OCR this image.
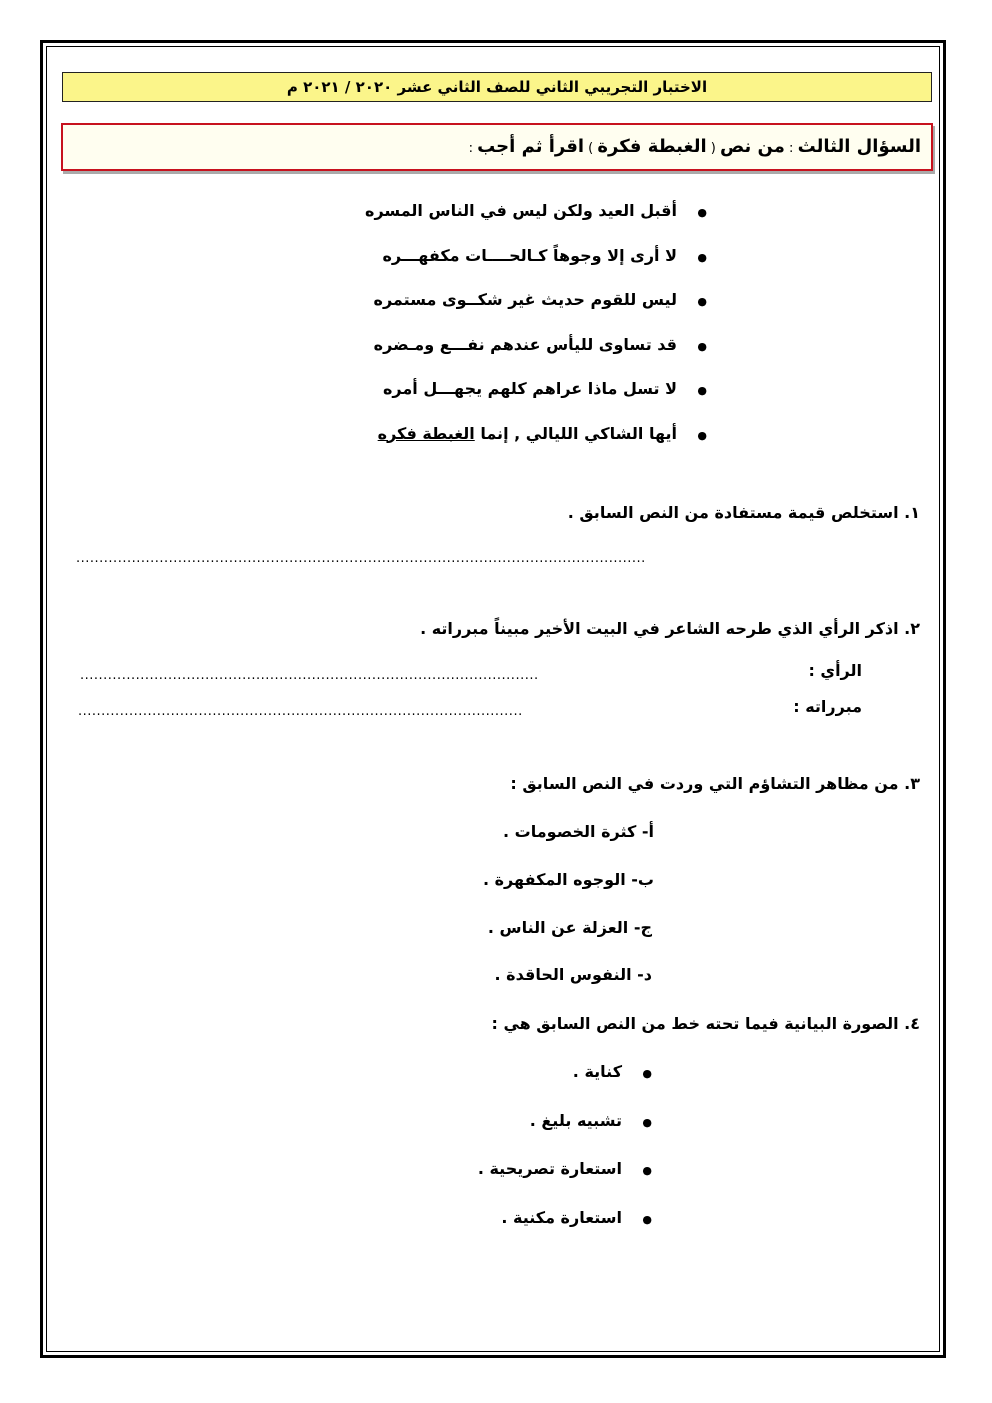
الاختبار التجريبي الثاني للصف الثاني عشر ٢٠٢٠ / ٢٠٢١ م
السؤال الثالث : من نص ( الغبطة فكرة ) اقرأ ثم أجب :
●أقبل العيد ولكن ليس في الناس المسره
●لا أرى إلا وجوهاً كـالحــــات مكفهـــره
●ليس للقوم حديث غير شكــوى مستمره
●قد تساوى لليأس عندهم نفـــع ومـضره
●لا تسل ماذا عراهم كلهم يجهـــل أمره
●أيها الشاكي الليالي , إنما الغبطة فكره
١. استخلص قيمة مستفادة من النص السابق .
...........................................................................................................................
٢. اذكر الرأي الذي طرحه الشاعر في البيت الأخير مبيناً مبرراته .
الرأي :
...................................................................................................
مبرراته :
................................................................................................
٣. من مظاهر التشاؤم التي وردت في النص السابق :
أ- كثرة الخصومات .
ب- الوجوه المكفهرة .
ج- العزلة عن الناس .
د- النفوس الحاقدة .
٤. الصورة البيانية فيما تحته خط من النص السابق هي :
●كناية .
●تشبيه بليغ .
●استعارة تصريحية .
●استعارة مكنية .
